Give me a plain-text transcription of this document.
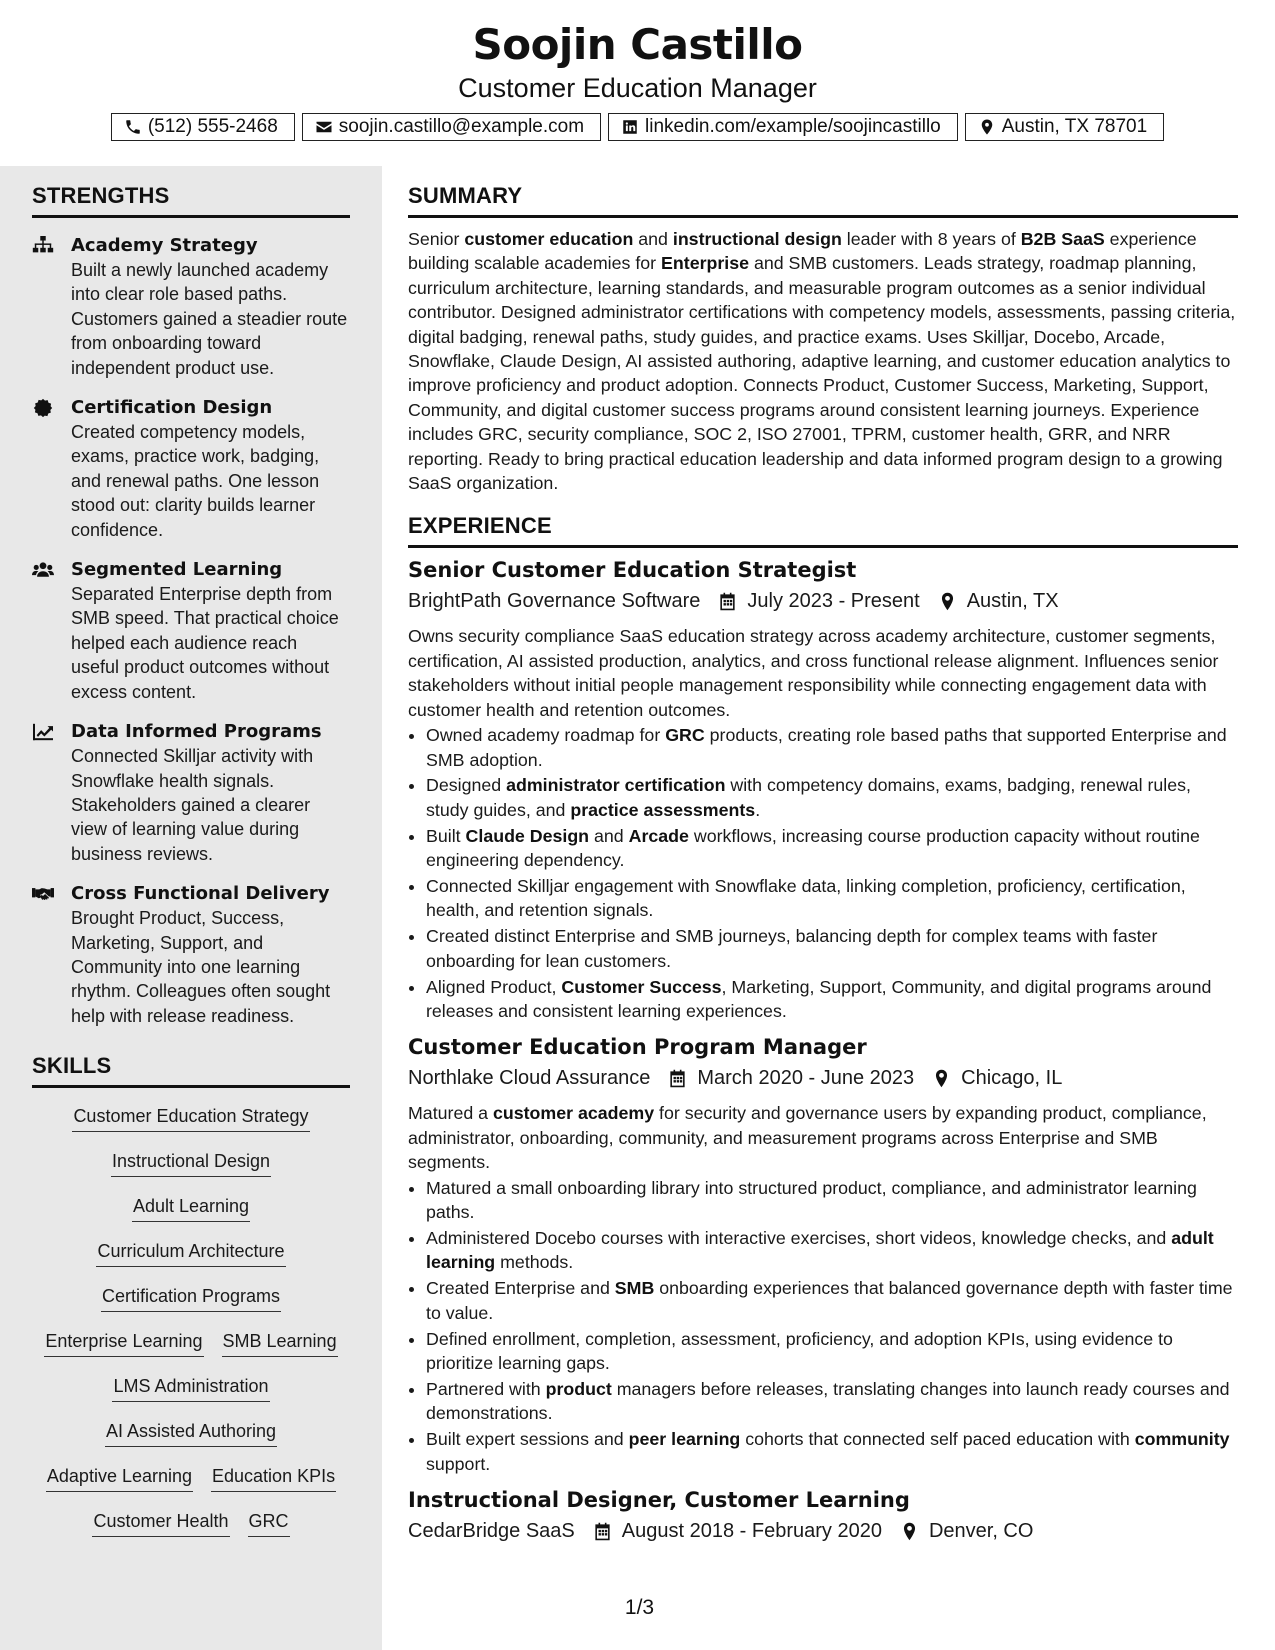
Soojin Castillo
Customer Education Manager
(512) 555-2468	soojin.castillo@example.com	linkedin.com/example/soojincastillo	Austin, TX 78701
STRENGTHS
Academy Strategy
Built a newly launched academy into clear role based paths. Customers gained a steadier route from onboarding toward independent product use.
Certification Design
Created competency models, exams, practice work, badging, and renewal paths. One lesson stood out: clarity builds learner confidence.
Segmented Learning
Separated Enterprise depth from SMB speed. That practical choice helped each audience reach useful product outcomes without excess content.
Data Informed Programs
Connected Skilljar activity with Snowflake health signals. Stakeholders gained a clearer view of learning value during business reviews.
Cross Functional Delivery
Brought Product, Success, Marketing, Support, and Community into one learning rhythm. Colleagues often sought help with release readiness.
SKILLS
Customer Education Strategy
Instructional Design
Adult Learning
Curriculum Architecture
Certification Programs
Enterprise Learning SMB Learning
LMS Administration
AI Assisted Authoring
Adaptive Learning Education KPIs
Customer Health GRC
SUMMARY

Senior customer education and instructional design leader with 8 years of B2B SaaS experience building scalable academies for Enterprise and SMB customers. Leads strategy, roadmap planning, curriculum architecture, learning standards, and measurable program outcomes as a senior individual contributor. Designed administrator certifications with competency models, assessments, passing criteria, digital badging, renewal paths, study guides, and practice exams. Uses Skilljar, Docebo, Arcade, Snowflake, Claude Design, AI assisted authoring, adaptive learning, and customer education analytics to improve proficiency and product adoption. Connects Product, Customer Success, Marketing, Support, Community, and digital customer success programs around consistent learning journeys. Experience includes GRC, security compliance, SOC 2, ISO 27001, TPRM, customer health, GRR, and NRR reporting. Ready to bring practical education leadership and data informed program design to a growing SaaS organization.

EXPERIENCE
Senior Customer Education Strategist
BrightPath Governance Software July 2023 - Present Austin, TX

Owns security compliance SaaS education strategy across academy architecture, customer segments, certification, AI assisted production, analytics, and cross functional release alignment. Influences senior stakeholders without initial people management responsibility while connecting engagement data with customer health and retention outcomes.

• Owned academy roadmap for GRC products, creating role based paths that supported Enterprise and SMB adoption.
• Designed administrator certification with competency domains, exams, badging, renewal rules, study guides, and practice assessments.
• Built Claude Design and Arcade workflows, increasing course production capacity without routine engineering dependency.
• Connected Skilljar engagement with Snowflake data, linking completion, proficiency, certification, health, and retention signals.
• Created distinct Enterprise and SMB journeys, balancing depth for complex teams with faster onboarding for lean customers.
• Aligned Product, Customer Success, Marketing, Support, Community, and digital programs around releases and consistent learning experiences.
Customer Education Program Manager
Northlake Cloud Assurance March 2020 - June 2023 Chicago, IL

Matured a customer academy for security and governance users by expanding product, compliance, administrator, onboarding, community, and measurement programs across Enterprise and SMB segments.

• Matured a small onboarding library into structured product, compliance, and administrator learning paths.
• Administered Docebo courses with interactive exercises, short videos, knowledge checks, and adult learning methods.
• Created Enterprise and SMB onboarding experiences that balanced governance depth with faster time to value.
• Defined enrollment, completion, assessment, proficiency, and adoption KPIs, using evidence to prioritize learning gaps.
• Partnered with product managers before releases, translating changes into launch ready courses and demonstrations.
• Built expert sessions and peer learning cohorts that connected self paced education with community support.
Instructional Designer, Customer Learning
CedarBridge SaaS August 2018 - February 2020 Denver, CO
1/3
